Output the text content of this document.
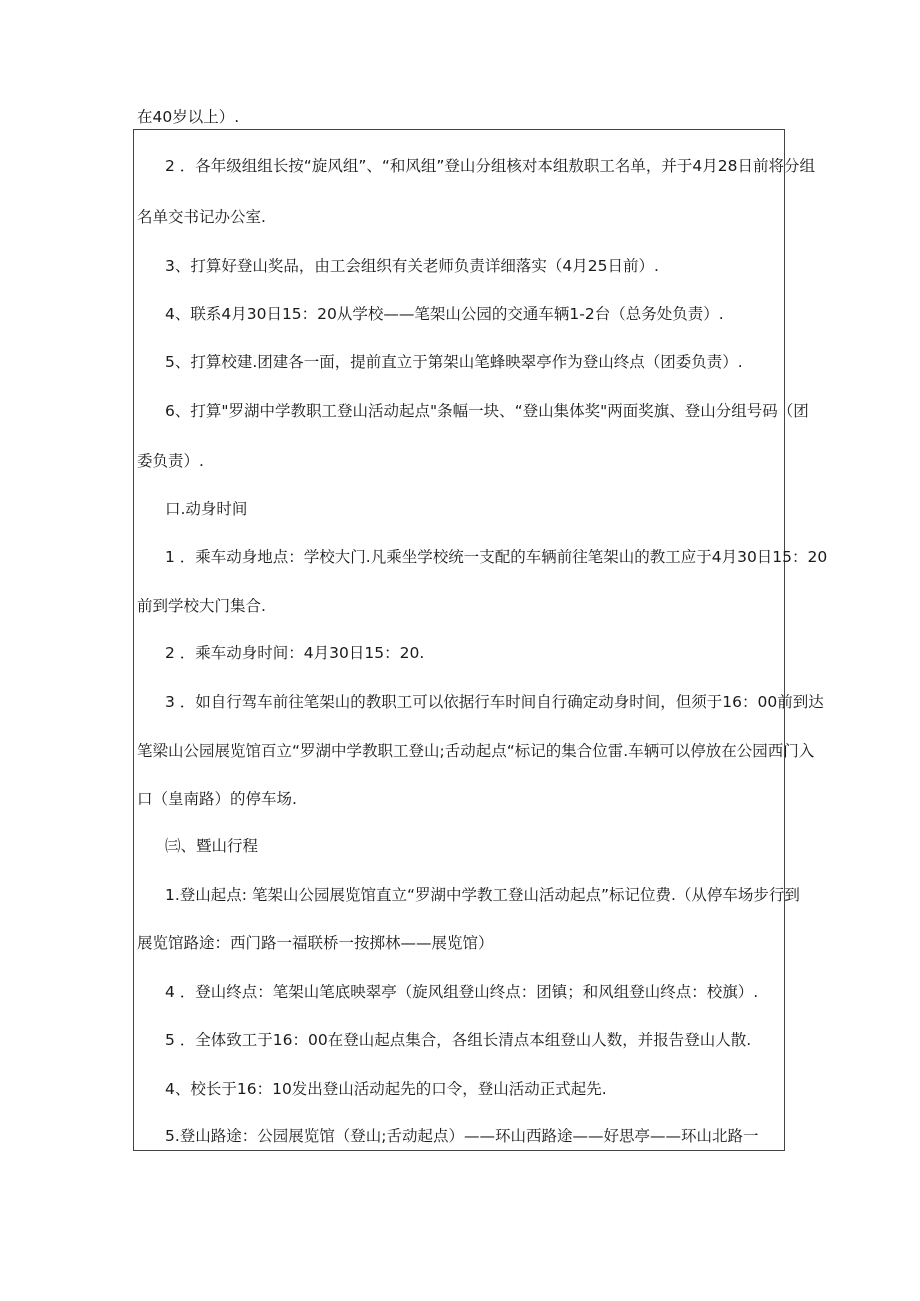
在40岁以上）.
2 ．各年级组组长按“旋风组”、“和风组”登山分组核对本组敖职工名单，并于4月28日前将分组
名单交书记办公室.
3、打算好登山奖品，由工会组织有关老师负责详细落实（4月25日前）.
4、联系4月30日15：20从学校——笔架山公园的交通车辆1-2台（总务处负责）.
5、打算校建.团建各一面，提前直立于第架山笔蜂映翠亭作为登山终点（团委负责）.
6、打算"罗湖中学教职工登山活动起点"条幅一块、“登山集体奖"两面奖旗、登山分组号码（团
委负责）.
口.动身时间
1 ．乘车动身地点：学校大门.凡乘坐学校统一支配的车辆前往笔架山的教工应于4月30日15：20
前到学校大门集合.
2 ．乘车动身时间：4月30日15：20.
3 ．如自行驾车前往笔架山的教职工可以依据行车时间自行确定动身时间，但须于16：00前到达
笔梁山公园展览馆百立“罗湖中学教职工登山;舌动起点“标记的集合位雷.车辆可以停放在公园西门入
口（皇南路）的停车场.
㈢、暨山行程
1.登山起点: 笔架山公园展览馆直立“罗湖中学教工登山活动起点”标记位费.（从停车场步行到
展览馆路途：西门路一福联桥一按掷林——展览馆）
4 ．登山终点：笔架山笔底映翠亭（旋风组登山终点：团镇；和风组登山终点：校旗）.
5 ．全体致工于16：00在登山起点集合，各组长清点本组登山人数，并报告登山人散.
4、校长于16：10发出登山活动起先的口令，登山活动正式起先.
5.登山路途：公园展览馆（登山;舌动起点）——环山西路途——好思亭——环山北路一
